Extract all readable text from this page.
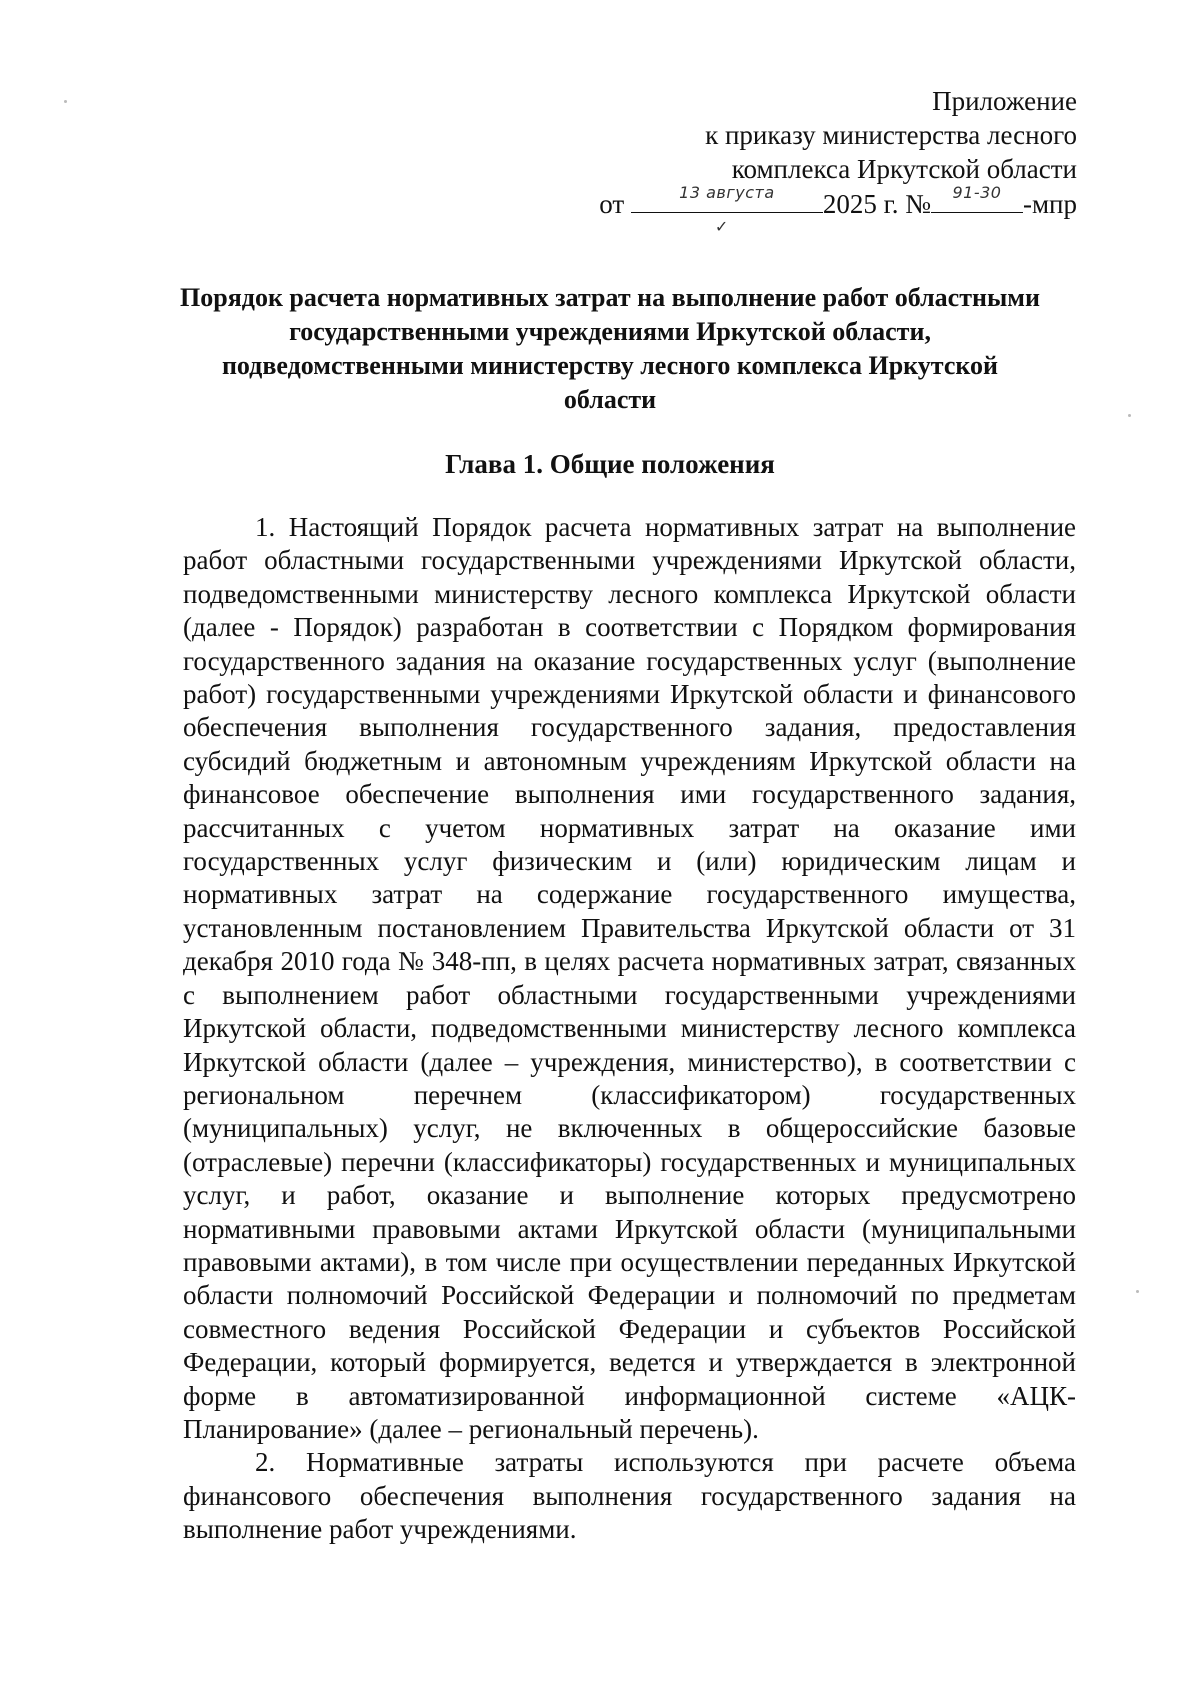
Приложение
к приказу министерства лесного
комплекса Иркутской области
от	13 августа
✓
2025 г. №	91-30 -мпр
Порядок расчета нормативных затрат на выполнение работ областными
государственными учреждениями Иркутской области,
подведомственными министерству лесного комплекса Иркутской
области
Глава 1. Общие положения

1. Настоящий Порядок расчета нормативных затрат на выполнение работ областными государственными учреждениями Иркутской области, подведомственными министерству лесного комплекса Иркутской области (далее - Порядок) разработан в соответствии с Порядком формирования государственного задания на оказание государственных услуг (выполнение работ) государственными учреждениями Иркутской области и финансового обеспечения выполнения государственного задания, предоставления субсидий бюджетным и автономным учреждениям Иркутской области на финансовое обеспечение выполнения ими государственного задания, рассчитанных с учетом нормативных затрат на оказание ими государственных услуг физическим и (или) юридическим лицам и нормативных затрат на содержание государственного имущества, установленным постановлением Правительства Иркутской области от 31 декабря 2010 года № 348-пп, в целях расчета нормативных затрат, связанных с выполнением работ областными государственными учреждениями Иркутской области, подведомственными министерству лесного комплекса Иркутской области (далее – учреждения, министерство), в соответствии с региональном перечнем (классификатором) государственных (муниципальных) услуг, не включенных в общероссийские базовые (отраслевые) перечни (классификаторы) государственных и муниципальных услуг, и работ, оказание и выполнение которых предусмотрено нормативными правовыми актами Иркутской области (муниципальными правовыми актами), в том числе при осуществлении переданных Иркутской области полномочий Российской Федерации и полномочий по предметам совместного ведения Российской Федерации и субъектов Российской Федерации, который формируется, ведется и утверждается в электронной форме в автоматизированной информационной системе «АЦК-Планирование» (далее – региональный перечень).

2. Нормативные затраты используются при расчете объема финансового обеспечения выполнения государственного задания на выполнение работ учреждениями.
